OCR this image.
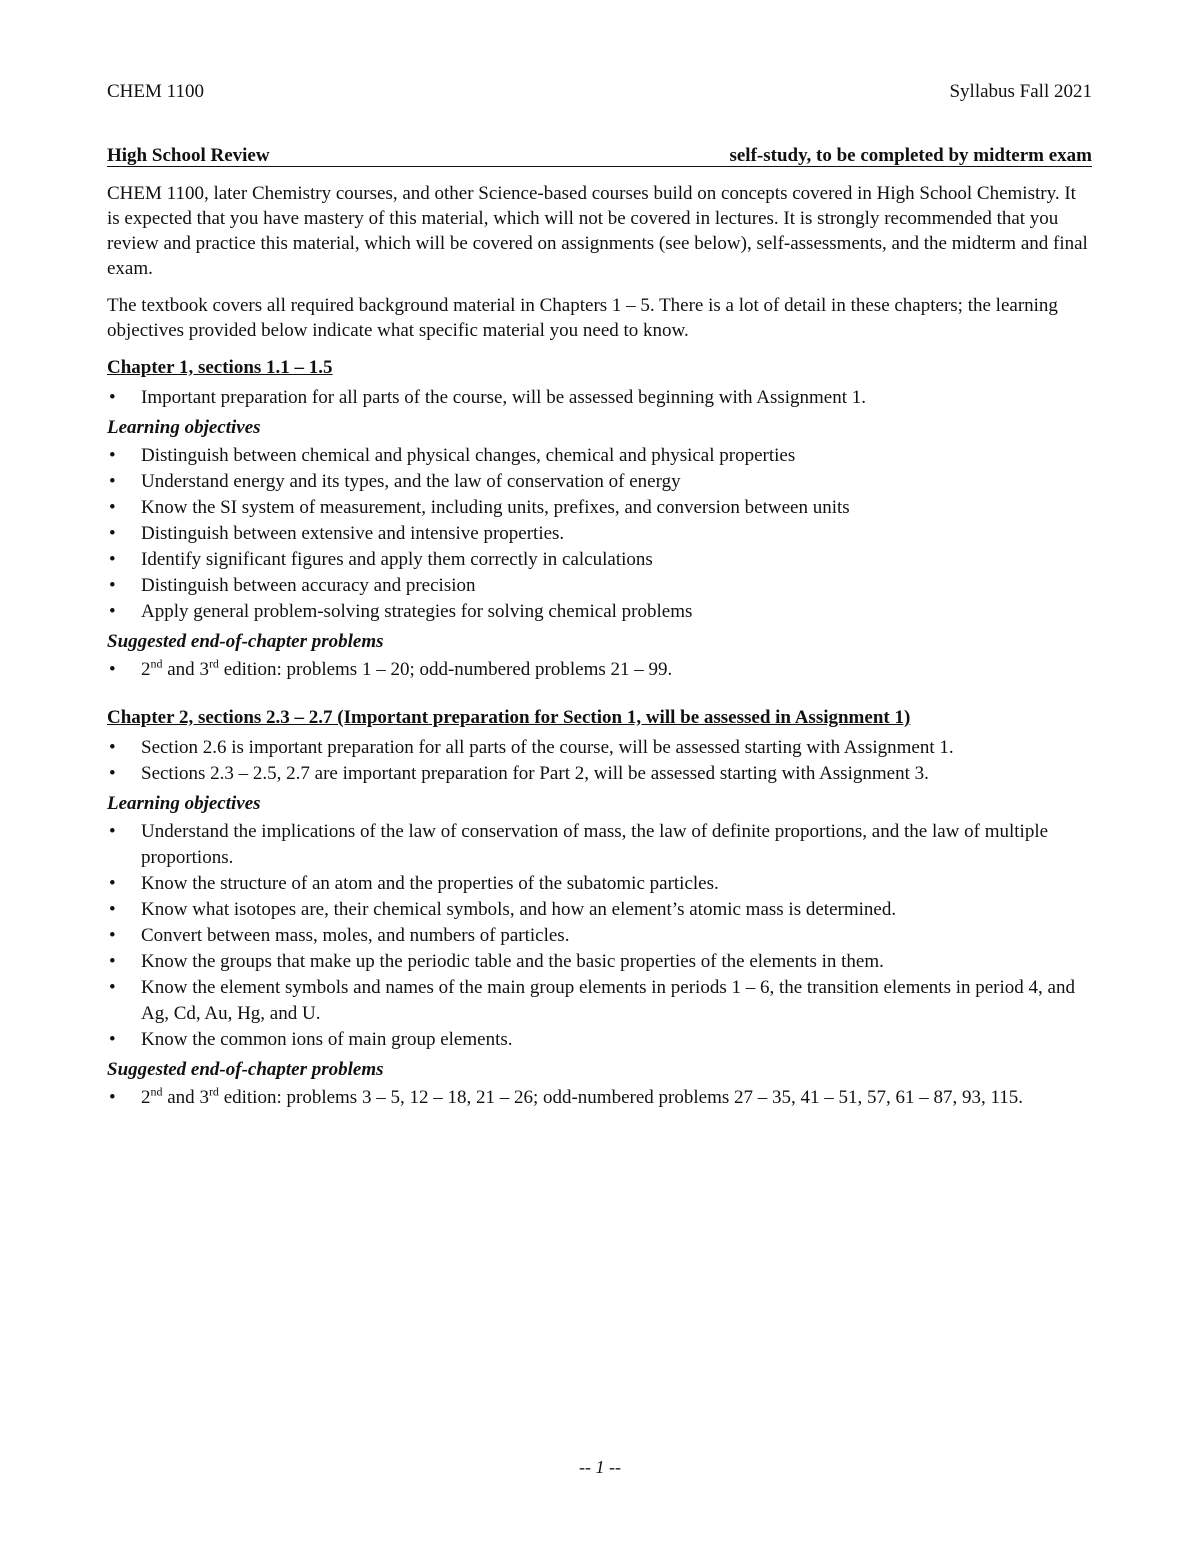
CHEM 1100	Syllabus Fall 2021
High School Review	self-study, to be completed by midterm exam

CHEM 1100, later Chemistry courses, and other Science-based courses build on concepts covered in High School Chemistry. It is expected that you have mastery of this material, which will not be covered in lectures. It is strongly recommended that you review and practice this material, which will be covered on assignments (see below), self-assessments, and the midterm and final exam.

The textbook covers all required background material in Chapters 1 – 5. There is a lot of detail in these chapters; the learning objectives provided below indicate what specific material you need to know.

Chapter 1, sections 1.1 – 1.5
• Important preparation for all parts of the course, will be assessed beginning with Assignment 1.
Learning objectives
• Distinguish between chemical and physical changes, chemical and physical properties
• Understand energy and its types, and the law of conservation of energy
• Know the SI system of measurement, including units, prefixes, and conversion between units
• Distinguish between extensive and intensive properties.
• Identify significant figures and apply them correctly in calculations
• Distinguish between accuracy and precision
• Apply general problem-solving strategies for solving chemical problems
Suggested end-of-chapter problems
• 2nd and 3rd edition: problems 1 – 20; odd-numbered problems 21 – 99.
Chapter 2, sections 2.3 – 2.7 (Important preparation for Section 1, will be assessed in Assignment 1)
• Section 2.6 is important preparation for all parts of the course, will be assessed starting with Assignment 1.
• Sections 2.3 – 2.5, 2.7 are important preparation for Part 2, will be assessed starting with Assignment 3.
Learning objectives
• Understand the implications of the law of conservation of mass, the law of definite proportions, and the law of multiple proportions.
• Know the structure of an atom and the properties of the subatomic particles.
• Know what isotopes are, their chemical symbols, and how an element’s atomic mass is determined.
• Convert between mass, moles, and numbers of particles.
• Know the groups that make up the periodic table and the basic properties of the elements in them.
• Know the element symbols and names of the main group elements in periods 1 – 6, the transition elements in period 4, and Ag, Cd, Au, Hg, and U.
• Know the common ions of main group elements.
Suggested end-of-chapter problems
• 2nd and 3rd edition: problems 3 – 5, 12 – 18, 21 – 26; odd-numbered problems 27 – 35, 41 – 51, 57, 61 – 87, 93, 115.
-- 1 --
